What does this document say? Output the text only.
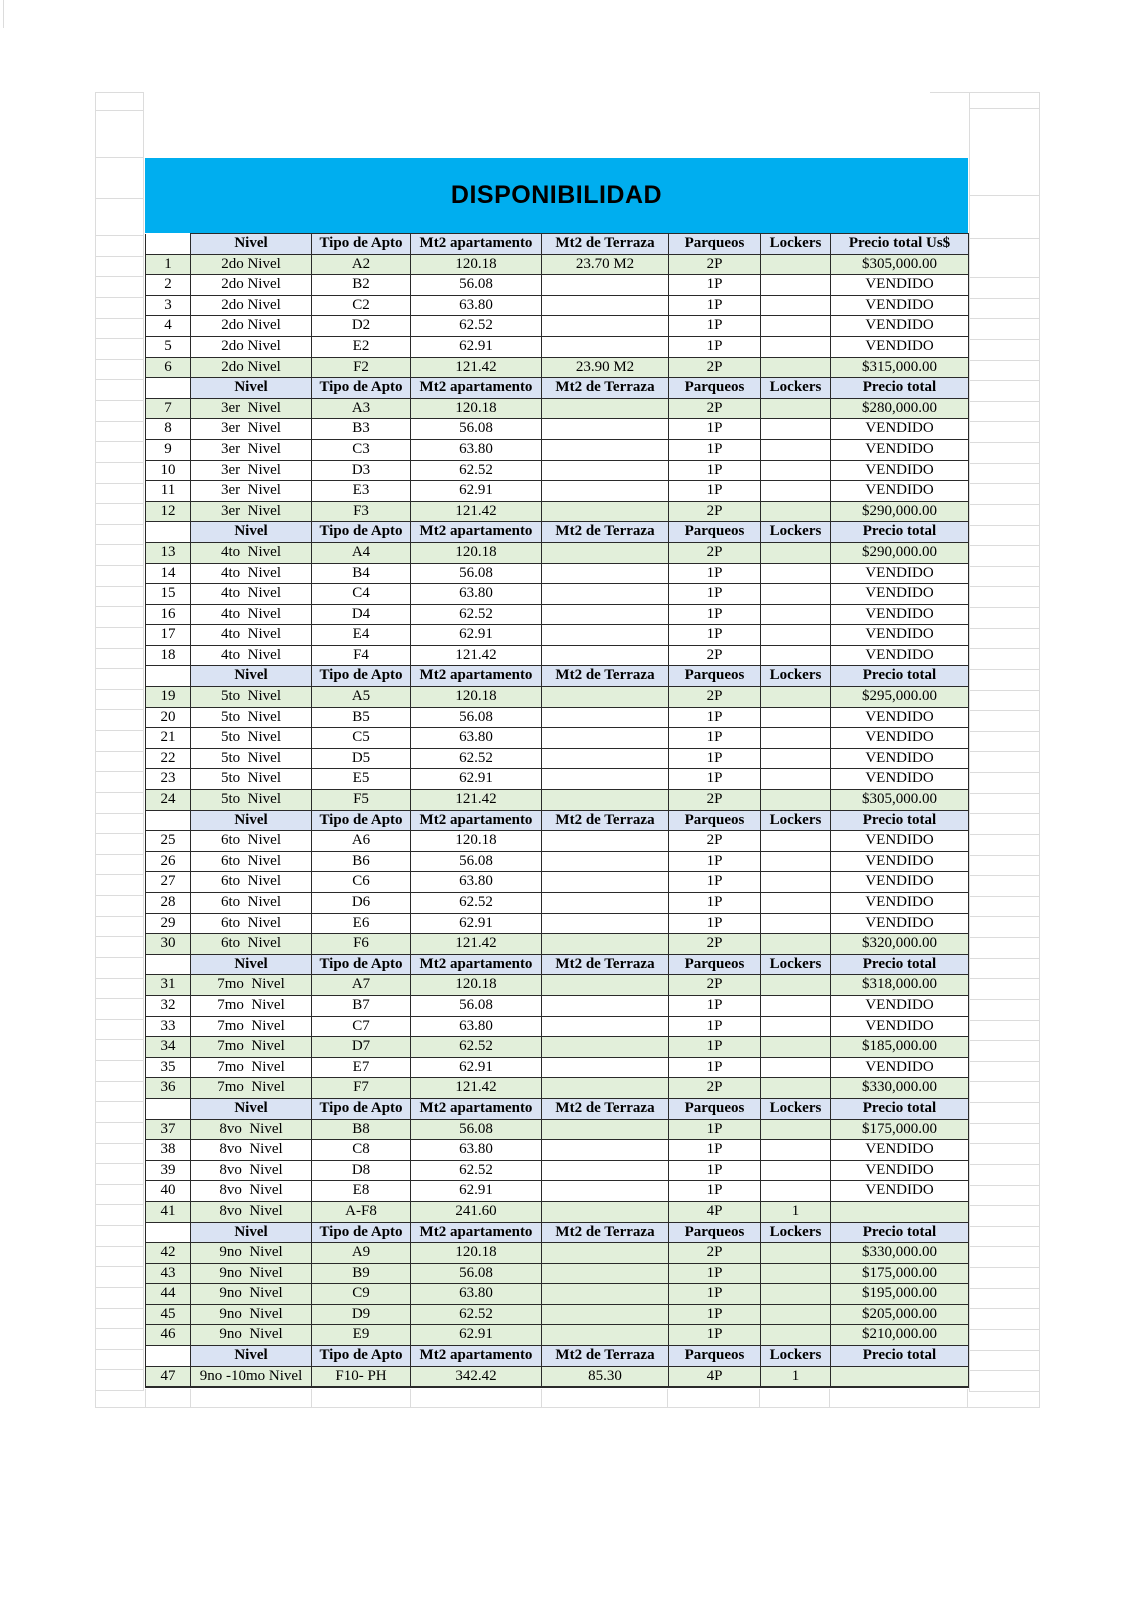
DISPONIBILIDAD
	Nivel	Tipo de Apto	Mt2 apartamento	Mt2 de Terraza	Parqueos	Lockers	Precio total Us$
1	2do Nivel	A2	120.18	23.70 M2	2P		$305,000.00
2	2do Nivel	B2	56.08		1P		VENDIDO
3	2do Nivel	C2	63.80		1P		VENDIDO
4	2do Nivel	D2	62.52		1P		VENDIDO
5	2do Nivel	E2	62.91		1P		VENDIDO
6	2do Nivel	F2	121.42	23.90 M2	2P		$315,000.00
	Nivel	Tipo de Apto	Mt2 apartamento	Mt2 de Terraza	Parqueos	Lockers	Precio total
7	3er  Nivel	A3	120.18		2P		$280,000.00
8	3er  Nivel	B3	56.08		1P		VENDIDO
9	3er  Nivel	C3	63.80		1P		VENDIDO
10	3er  Nivel	D3	62.52		1P		VENDIDO
11	3er  Nivel	E3	62.91		1P		VENDIDO
12	3er  Nivel	F3	121.42		2P		$290,000.00
	Nivel	Tipo de Apto	Mt2 apartamento	Mt2 de Terraza	Parqueos	Lockers	Precio total
13	4to  Nivel	A4	120.18		2P		$290,000.00
14	4to  Nivel	B4	56.08		1P		VENDIDO
15	4to  Nivel	C4	63.80		1P		VENDIDO
16	4to  Nivel	D4	62.52		1P		VENDIDO
17	4to  Nivel	E4	62.91		1P		VENDIDO
18	4to  Nivel	F4	121.42		2P		VENDIDO
	Nivel	Tipo de Apto	Mt2 apartamento	Mt2 de Terraza	Parqueos	Lockers	Precio total
19	5to  Nivel	A5	120.18		2P		$295,000.00
20	5to  Nivel	B5	56.08		1P		VENDIDO
21	5to  Nivel	C5	63.80		1P		VENDIDO
22	5to  Nivel	D5	62.52		1P		VENDIDO
23	5to  Nivel	E5	62.91		1P		VENDIDO
24	5to  Nivel	F5	121.42		2P		$305,000.00
	Nivel	Tipo de Apto	Mt2 apartamento	Mt2 de Terraza	Parqueos	Lockers	Precio total
25	6to  Nivel	A6	120.18		2P		VENDIDO
26	6to  Nivel	B6	56.08		1P		VENDIDO
27	6to  Nivel	C6	63.80		1P		VENDIDO
28	6to  Nivel	D6	62.52		1P		VENDIDO
29	6to  Nivel	E6	62.91		1P		VENDIDO
30	6to  Nivel	F6	121.42		2P		$320,000.00
	Nivel	Tipo de Apto	Mt2 apartamento	Mt2 de Terraza	Parqueos	Lockers	Precio total
31	7mo  Nivel	A7	120.18		2P		$318,000.00
32	7mo  Nivel	B7	56.08		1P		VENDIDO
33	7mo  Nivel	C7	63.80		1P		VENDIDO
34	7mo  Nivel	D7	62.52		1P		$185,000.00
35	7mo  Nivel	E7	62.91		1P		VENDIDO
36	7mo  Nivel	F7	121.42		2P		$330,000.00
	Nivel	Tipo de Apto	Mt2 apartamento	Mt2 de Terraza	Parqueos	Lockers	Precio total
37	8vo  Nivel	B8	56.08		1P		$175,000.00
38	8vo  Nivel	C8	63.80		1P		VENDIDO
39	8vo  Nivel	D8	62.52		1P		VENDIDO
40	8vo  Nivel	E8	62.91		1P		VENDIDO
41	8vo  Nivel	A-F8	241.60		4P	1	
	Nivel	Tipo de Apto	Mt2 apartamento	Mt2 de Terraza	Parqueos	Lockers	Precio total
42	9no  Nivel	A9	120.18		2P		$330,000.00
43	9no  Nivel	B9	56.08		1P		$175,000.00
44	9no  Nivel	C9	63.80		1P		$195,000.00
45	9no  Nivel	D9	62.52		1P		$205,000.00
46	9no  Nivel	E9	62.91		1P		$210,000.00
	Nivel	Tipo de Apto	Mt2 apartamento	Mt2 de Terraza	Parqueos	Lockers	Precio total
47	9no -10mo Nivel	F10- PH	342.42	85.30	4P	1	
